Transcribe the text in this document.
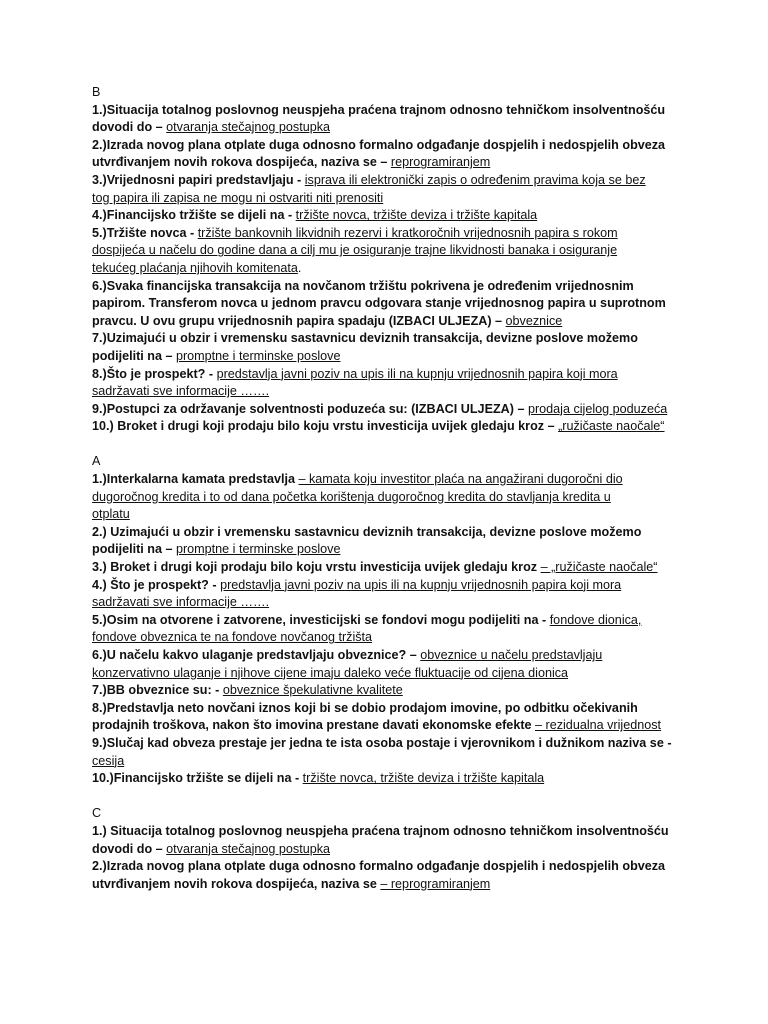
B
1.)Situacija totalnog poslovnog neuspjeha praćena trajnom odnosno tehničkom insolventnošću
dovodi do – otvaranja stečajnog postupka
2.)Izrada novog plana otplate duga odnosno formalno odgađanje dospjelih i nedospjelih obveza
utvrđivanjem novih rokova dospijeća, naziva se – reprogramiranjem
3.)Vrijednosni papiri predstavljaju - isprava ili elektronički zapis o određenim pravima koja se bez
tog papira ili zapisa ne mogu ni ostvariti niti prenositi
4.)Financijsko tržište se dijeli na - tržište novca, tržište deviza i tržište kapitala
5.)Tržište novca - tržište bankovnih likvidnih rezervi i kratkoročnih vrijednosnih papira s rokom
dospijeća u načelu do godine dana a cilj mu je osiguranje trajne likvidnosti banaka i osiguranje
tekućeg plaćanja njihovih komitenata.
6.)Svaka financijska transakcija na novčanom tržištu pokrivena je određenim vrijednosnim
papirom. Transferom novca u jednom pravcu odgovara stanje vrijednosnog papira u suprotnom
pravcu. U ovu grupu vrijednosnih papira spadaju (IZBACI ULJEZA) – obveznice
7.)Uzimajući u obzir i vremensku sastavnicu deviznih transakcija, devizne poslove možemo
podijeliti na – promptne i terminske poslove
8.)Što je prospekt? - predstavlja javni poziv na upis ili na kupnju vrijednosnih papira koji mora
sadržavati sve informacije …….
9.)Postupci za održavanje solventnosti poduzeća su: (IZBACI ULJEZA) – prodaja cijelog poduzeća
10.) Broket i drugi koji prodaju bilo koju vrstu investicija uvijek gledaju kroz – „ružičaste naočale“
A
1.)Interkalarna kamata predstavlja – kamata koju investitor plaća na angažirani dugoročni dio
dugoročnog kredita i to od dana početka korištenja dugoročnog kredita do stavljanja kredita u
otplatu
2.) Uzimajući u obzir i vremensku sastavnicu deviznih transakcija, devizne poslove možemo
podijeliti na – promptne i terminske poslove
3.) Broket i drugi koji prodaju bilo koju vrstu investicija uvijek gledaju kroz – „ružičaste naočale“
4.) Što je prospekt? - predstavlja javni poziv na upis ili na kupnju vrijednosnih papira koji mora
sadržavati sve informacije …….
5.)Osim na otvorene i zatvorene, investicijski se fondovi mogu podijeliti na - fondove dionica,
fondove obveznica te na fondove novčanog tržišta
6.)U načelu kakvo ulaganje predstavljaju obveznice? – obveznice u načelu predstavljaju
konzervativno ulaganje i njihove cijene imaju daleko veće fluktuacije od cijena dionica
7.)BB obveznice su: - obveznice špekulativne kvalitete
8.)Predstavlja neto novčani iznos koji bi se dobio prodajom imovine, po odbitku očekivanih
prodajnih troškova, nakon što imovina prestane davati ekonomske efekte – rezidualna vrijednost
9.)Slučaj kad obveza prestaje jer jedna te ista osoba postaje i vjerovnikom i dužnikom naziva se -
cesija
10.)Financijsko tržište se dijeli na - tržište novca, tržište deviza i tržište kapitala
C
1.) Situacija totalnog poslovnog neuspjeha praćena trajnom odnosno tehničkom insolventnošću
dovodi do – otvaranja stečajnog postupka
2.)Izrada novog plana otplate duga odnosno formalno odgađanje dospjelih i nedospjelih obveza
utvrđivanjem novih rokova dospijeća, naziva se – reprogramiranjem
